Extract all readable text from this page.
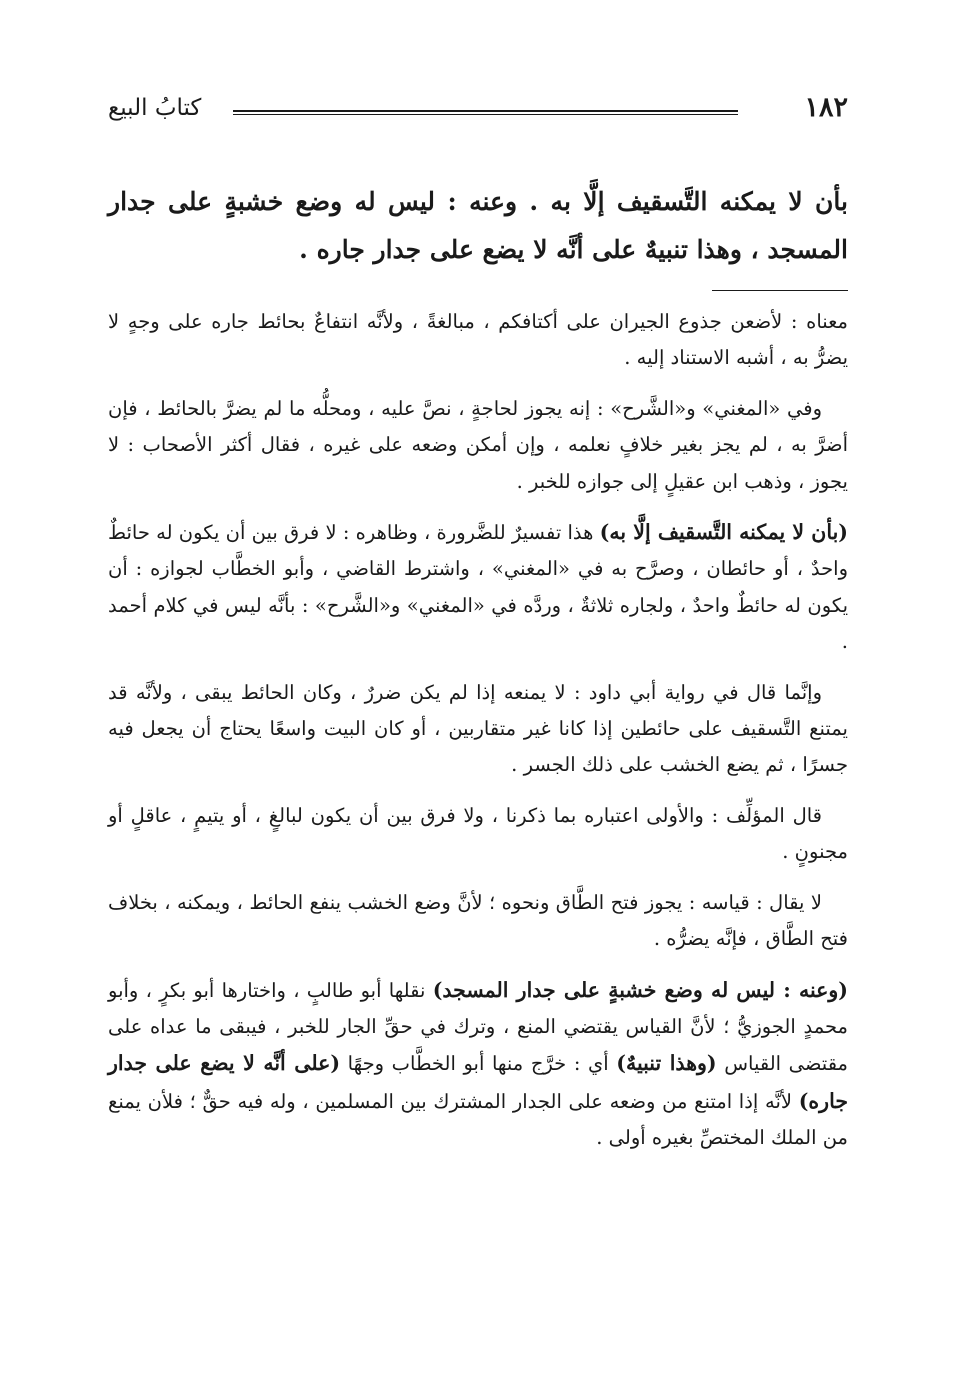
١٨٢
كتابُ البيع
بأن لا يمكنه التَّسقيف إلَّا به . وعنه : ليس له وضع خشبةٍ على جدار المسجد ، وهذا تنبيهٌ على أنَّه لا يضع على جدار جاره .

معناه : لأضعن جذوع الجيران على أكتافكم ، مبالغةً ، ولأنَّه انتفاعٌ بحائط جاره على وجهٍ لا يضرُّ به ، أشبه الاستناد إليه .

وفي «المغني» و«الشَّرح» : إنه يجوز لحاجةٍ ، نصَّ عليه ، ومحلُّه ما لم يضرَّ بالحائط ، فإن أضرَّ به ، لم يجز بغير خلافٍ نعلمه ، وإن أمكن وضعه على غيره ، فقال أكثر الأصحاب : لا يجوز ، وذهب ابن عقيلٍ إلى جوازه للخبر .

(بأن لا يمكنه التَّسقيف إلَّا به) هذا تفسيرٌ للضَّرورة ، وظاهره : لا فرق بين أن يكون له حائطٌ واحدٌ ، أو حائطان ، وصرَّح به في «المغني» ، واشترط القاضي ، وأبو الخطَّاب لجوازه : أن يكون له حائطٌ واحدٌ ، ولجاره ثلاثةٌ ، وردَّه في «المغني» و«الشَّرح» : بأنَّه ليس في كلام أحمد .

وإنَّما قال في رواية أبي داود : لا يمنعه إذا لم يكن ضررٌ ، وكان الحائط يبقى ، ولأنَّه قد يمتنع التَّسقيف على حائطين إذا كانا غير متقاربين ، أو كان البيت واسعًا يحتاج أن يجعل فيه جسرًا ، ثم يضع الخشب على ذلك الجسر .

قال المؤلِّف : والأولى اعتباره بما ذكرنا ، ولا فرق بين أن يكون لبالغٍ ، أو يتيمٍ ، عاقلٍ أو مجنونٍ .

لا يقال : قياسه : يجوز فتح الطَّاق ونحوه ؛ لأنَّ وضع الخشب ينفع الحائط ، ويمكنه ، بخلاف فتح الطَّاق ، فإنَّه يضرُّه .

(وعنه : ليس له وضع خشبةٍ على جدار المسجد) نقلها أبو طالبٍ ، واختارها أبو بكرٍ ، وأبو محمدٍ الجوزيُّ ؛ لأنَّ القياس يقتضي المنع ، وترك في حقِّ الجار للخبر ، فيبقى ما عداه على مقتضى القياس (وهذا تنبيهٌ) أي : خرَّج منها أبو الخطَّاب وجهًا (على أنَّه لا يضع على جدار جاره) لأنَّه إذا امتنع من وضعه على الجدار المشترك بين المسلمين ، وله فيه حقٌّ ؛ فلأن يمنع من الملك المختصِّ بغيره أولى .
